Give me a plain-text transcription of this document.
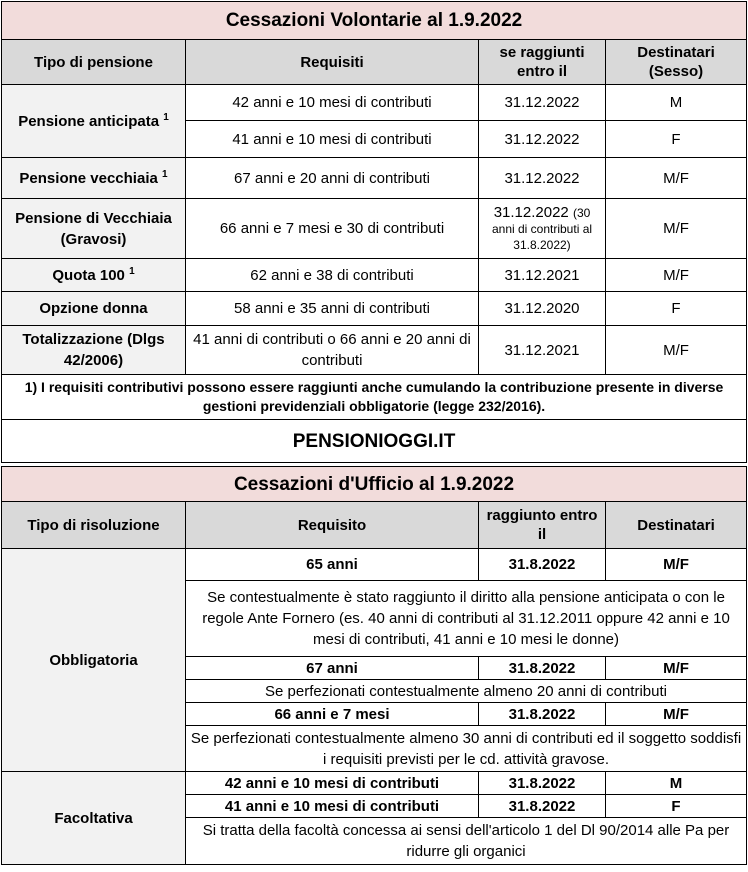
Cessazioni Volontarie al 1.9.2022			
Tipo di pensione	Requisiti	se raggiunti entro il	Destinatari (Sesso)
Pensione anticipata $^1$	42 anni e 10 mesi di contributi	31.12.2022	M
	41 anni e 10 mesi di contributi	31.12.2022	F
Pensione vecchiaia $^1$	67 anni e 20 anni di contributi	31.12.2022	M/F
Pensione di Vecchiaia (Gravosi)	66 anni e 7 mesi e 30 di contributi	31.12.2022 (30 anni di contributi al 31.8.2022)	M/F
Quota 100 $^1$	62 anni e 38 di contributi	31.12.2021	M/F
Opzione donna	58 anni e 35 anni di contributi	31.12.2020	F
Totalizzazione (Dlgs 42/2006)	41 anni di contributi o 66 anni e 20 anni di contributi	31.12.2021	M/F
1) I requisiti contributivi possono essere raggiunti anche cumulando la contribuzione presente in diverse gestioni previdenziali obbligatorie (legge 232/2016).			
PENSIONIOGGI.IT			
Cessazioni d'Ufficio al 1.9.2022			
Tipo di risoluzione	Requisito	raggiunto entro il	Destinatari
Obbligatoria	65 anni	31.8.2022	M/F
	Se contestualmente è stato raggiunto il diritto alla pensione anticipata o con le regole Ante Fornero (es. 40 anni di contributi al 31.12.2011 oppure 42 anni e 10 mesi di contributi, 41 anni e 10 mesi le donne)		
	67 anni	31.8.2022	M/F
	Se perfezionati contestualmente almeno 20 anni di contributi		
	66 anni e 7 mesi	31.8.2022	M/F
	Se perfezionati contestualmente almeno 30 anni di contributi ed il soggetto soddisfi i requisiti previsti per le cd. attività gravose.		
Facoltativa	42 anni e 10 mesi di contributi	31.8.2022	M
	41 anni e 10 mesi di contributi	31.8.2022	F
	Si tratta della facoltà concessa ai sensi dell'articolo 1 del Dl 90/2014 alle Pa per ridurre gli organici		
